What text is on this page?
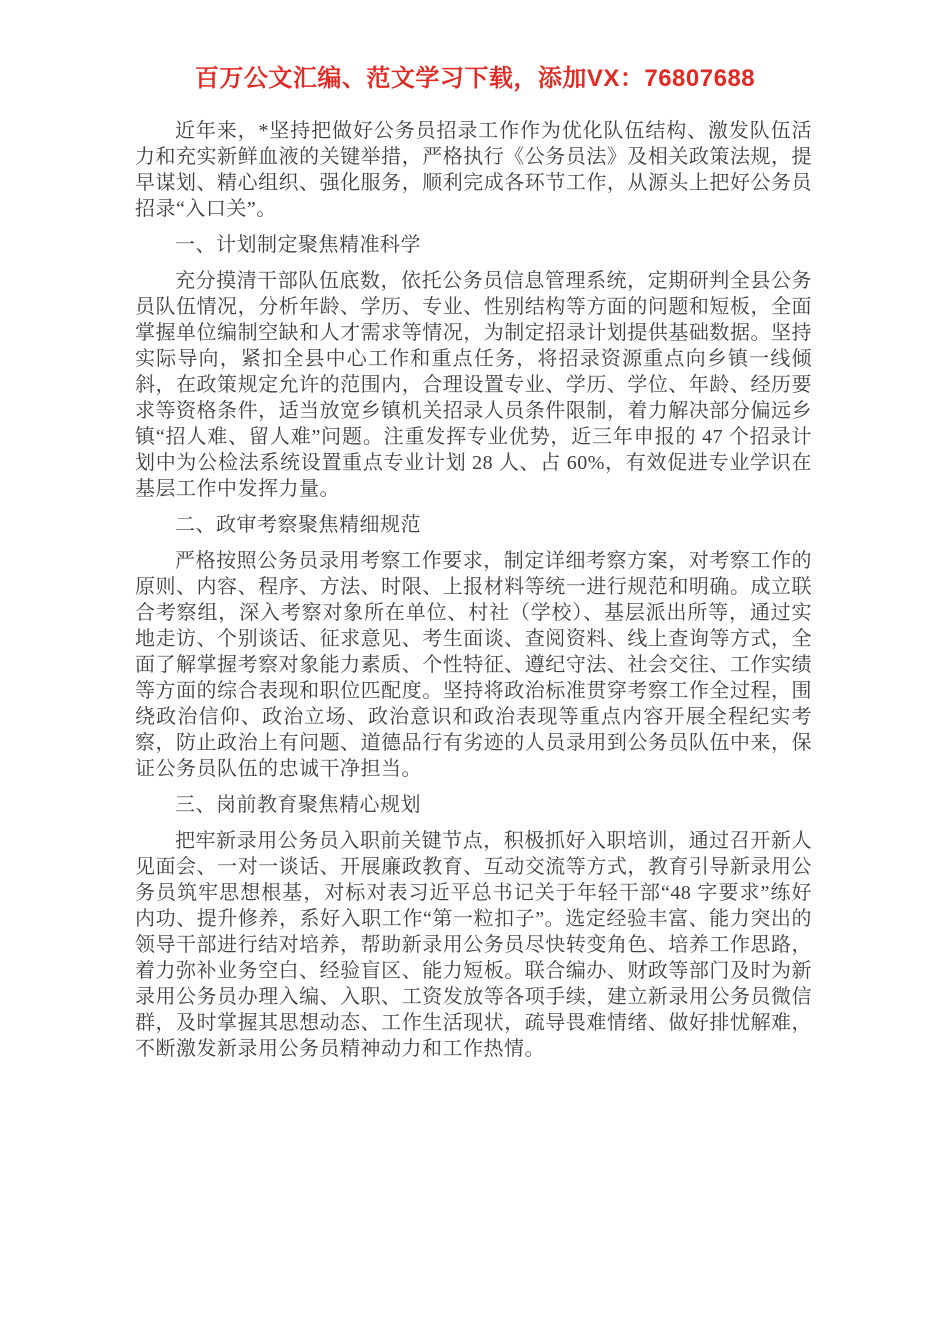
百万公文汇编、范文学习下载，添加VX：76807688

近年来，*坚持把做好公务员招录工作作为优化队伍结构、激发队伍活力和充实新鲜血液的关键举措，严格执行《公务员法》及相关政策法规，提早谋划、精心组织、强化服务，顺利完成各环节工作，从源头上把好公务员招录“入口关”。

一、计划制定聚焦精准科学

充分摸清干部队伍底数，依托公务员信息管理系统，定期研判全县公务员队伍情况，分析年龄、学历、专业、性别结构等方面的问题和短板，全面掌握单位编制空缺和人才需求等情况，为制定招录计划提供基础数据。坚持实际导向，紧扣全县中心工作和重点任务，将招录资源重点向乡镇一线倾斜，在政策规定允许的范围内，合理设置专业、学历、学位、年龄、经历要求等资格条件，适当放宽乡镇机关招录人员条件限制，着力解决部分偏远乡镇“招人难、留人难”问题。注重发挥专业优势，近三年申报的 47 个招录计划中为公检法系统设置重点专业计划 28 人、占 60%，有效促进专业学识在基层工作中发挥力量。

二、政审考察聚焦精细规范

严格按照公务员录用考察工作要求，制定详细考察方案，对考察工作的原则、内容、程序、方法、时限、上报材料等统一进行规范和明确。成立联合考察组，深入考察对象所在单位、村社（学校）、基层派出所等，通过实地走访、个别谈话、征求意见、考生面谈、查阅资料、线上查询等方式，全面了解掌握考察对象能力素质、个性特征、遵纪守法、社会交往、工作实绩等方面的综合表现和职位匹配度。坚持将政治标准贯穿考察工作全过程，围绕政治信仰、政治立场、政治意识和政治表现等重点内容开展全程纪实考察，防止政治上有问题、道德品行有劣迹的人员录用到公务员队伍中来，保证公务员队伍的忠诚干净担当。

三、岗前教育聚焦精心规划

把牢新录用公务员入职前关键节点，积极抓好入职培训，通过召开新人见面会、一对一谈话、开展廉政教育、互动交流等方式，教育引导新录用公务员筑牢思想根基，对标对表习近平总书记关于年轻干部“48 字要求”练好内功、提升修养，系好入职工作“第一粒扣子”。选定经验丰富、能力突出的领导干部进行结对培养，帮助新录用公务员尽快转变角色、培养工作思路，着力弥补业务空白、经验盲区、能力短板。联合编办、财政等部门及时为新录用公务员办理入编、入职、工资发放等各项手续，建立新录用公务员微信群，及时掌握其思想动态、工作生活现状，疏导畏难情绪、做好排忧解难，不断激发新录用公务员精神动力和工作热情。
